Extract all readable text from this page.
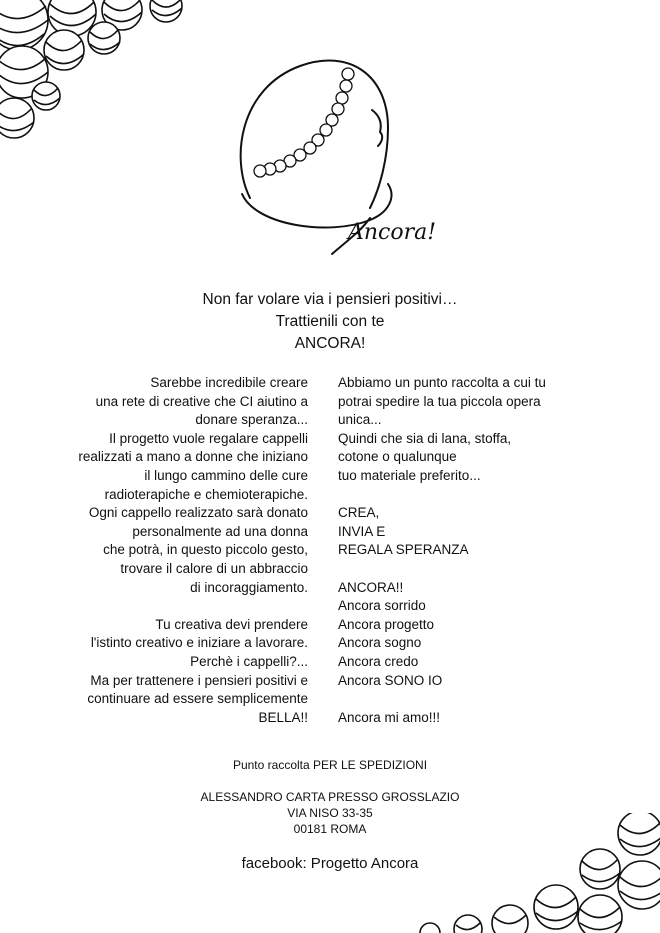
Ancora!
Non far volare via i pensieri positivi…
Trattienili con te
ANCORA!

Sarebbe incredibile creare
una rete di creative che CI aiutino a
donare speranza...
Il progetto vuole regalare cappelli
realizzati a mano a donne che iniziano
il lungo cammino delle cure
radioterapiche e chemioterapiche.
Ogni cappello realizzato sarà donato
personalmente ad una donna
che potrà, in questo piccolo gesto,
trovare il calore di un abbraccio
di incoraggiamento.

Tu creativa devi prendere
l'istinto creativo e iniziare a lavorare.
Perchè i cappelli?...
Ma per trattenere i pensieri positivi e
continuare ad essere semplicemente
BELLA!!

Abbiamo un punto raccolta a cui tu
potrai spedire la tua piccola opera
unica...
Quindi che sia di lana, stoffa,
cotone o qualunque
tuo materiale preferito...

CREA,
INVIA E
REGALA SPERANZA

ANCORA!!
Ancora sorrido
Ancora progetto
Ancora sogno
Ancora credo
Ancora SONO IO

Ancora mi amo!!!

Punto raccolta PER LE SPEDIZIONI
ALESSANDRO CARTA PRESSO GROSSLAZIO
VIA NISO 33-35
00181 ROMA
facebook: Progetto Ancora
